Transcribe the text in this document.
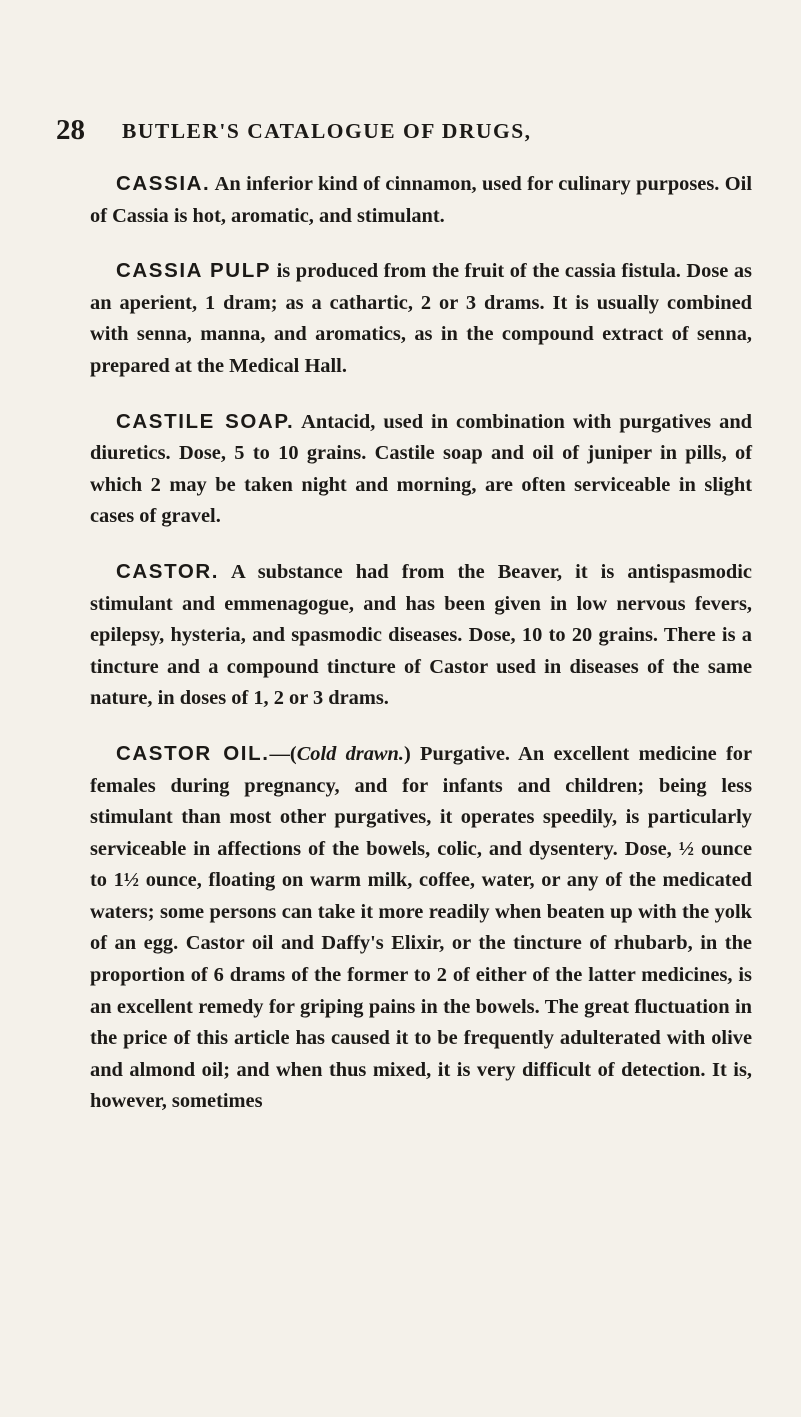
28 BUTLER'S CATALOGUE OF DRUGS,

CASSIA. An inferior kind of cinnamon, used for culinary purposes. Oil of Cassia is hot, aromatic, and stimulant.

CASSIA PULP is produced from the fruit of the cassia fistula. Dose as an aperient, 1 dram; as a cathartic, 2 or 3 drams. It is usually combined with senna, manna, and aromatics, as in the compound extract of senna, prepared at the Medical Hall.

CASTILE SOAP. Antacid, used in combination with purgatives and diuretics. Dose, 5 to 10 grains. Castile soap and oil of juniper in pills, of which 2 may be taken night and morning, are often serviceable in slight cases of gravel.

CASTOR. A substance had from the Beaver, it is antispasmodic stimulant and emmenagogue, and has been given in low nervous fevers, epilepsy, hysteria, and spasmodic diseases. Dose, 10 to 20 grains. There is a tincture and a compound tincture of Castor used in diseases of the same nature, in doses of 1, 2 or 3 drams.

CASTOR OIL.—(Cold drawn.) Purgative. An excellent medicine for females during pregnancy, and for infants and children; being less stimulant than most other purgatives, it operates speedily, is particularly serviceable in affections of the bowels, colic, and dysentery. Dose, ½ ounce to 1½ ounce, floating on warm milk, coffee, water, or any of the medicated waters; some persons can take it more readily when beaten up with the yolk of an egg. Castor oil and Daffy's Elixir, or the tincture of rhubarb, in the proportion of 6 drams of the former to 2 of either of the latter medicines, is an excellent remedy for griping pains in the bowels. The great fluctuation in the price of this article has caused it to be frequently adulterated with olive and almond oil; and when thus mixed, it is very difficult of detection. It is, however, sometimes
